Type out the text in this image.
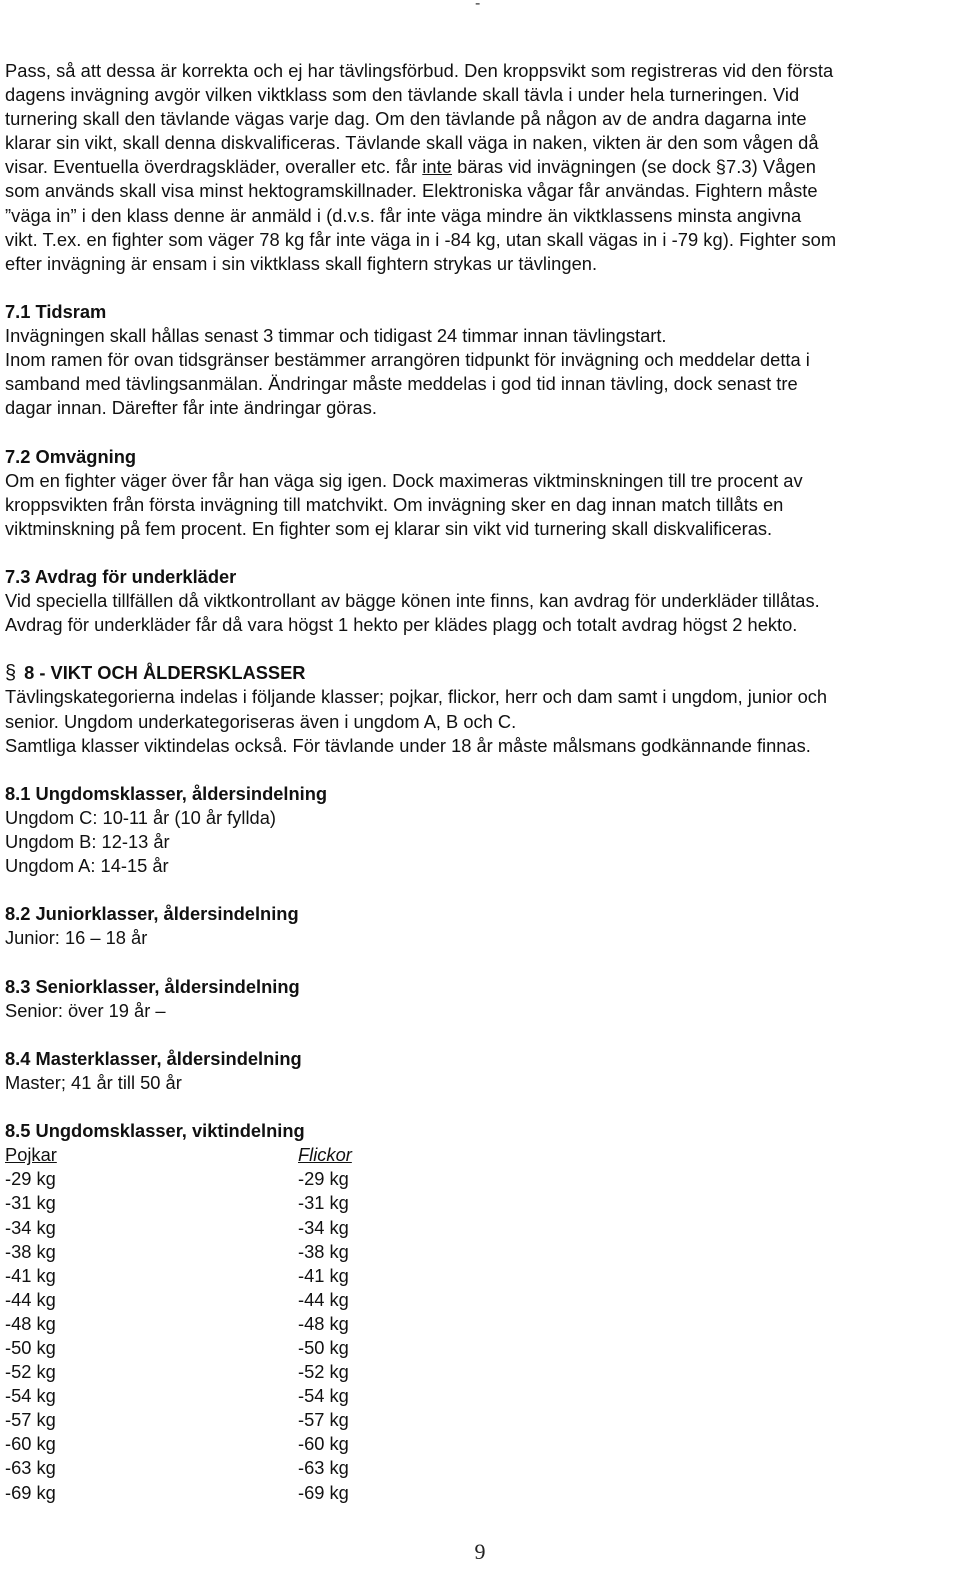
-

Pass, så att dessa är korrekta och ej har tävlingsförbud. Den kroppsvikt som registreras vid den första

dagens invägning avgör vilken viktklass som den tävlande skall tävla i under hela turneringen. Vid

turnering skall den tävlande vägas varje dag. Om den tävlande på någon av de andra dagarna inte

klarar sin vikt, skall denna diskvalificeras. Tävlande skall väga in naken, vikten är den som vågen då

visar. Eventuella överdragskläder, overaller etc. får inte bäras vid invägningen (se dock §7.3) Vågen

som används skall visa minst hektogramskillnader. Elektroniska vågar får användas. Fightern måste

”väga in” i den klass denne är anmäld i (d.v.s. får inte väga mindre än viktklassens minsta angivna

vikt. T.ex. en fighter som väger 78 kg får inte väga in i -84 kg, utan skall vägas in i -79 kg). Fighter som

efter invägning är ensam i sin viktklass skall fightern strykas ur tävlingen.

7.1 Tidsram

Invägningen skall hållas senast 3 timmar och tidigast 24 timmar innan tävlingstart.

Inom ramen för ovan tidsgränser bestämmer arrangören tidpunkt för invägning och meddelar detta i

samband med tävlingsanmälan. Ändringar måste meddelas i god tid innan tävling, dock senast tre

dagar innan. Därefter får inte ändringar göras.

7.2 Omvägning

Om en fighter väger över får han väga sig igen. Dock maximeras viktminskningen till tre procent av

kroppsvikten från första invägning till matchvikt. Om invägning sker en dag innan match tillåts en

viktminskning på fem procent. En fighter som ej klarar sin vikt vid turnering skall diskvalificeras.

7.3 Avdrag för underkläder

Vid speciella tillfällen då viktkontrollant av bägge könen inte finns, kan avdrag för underkläder tillåtas.

Avdrag för underkläder får då vara högst 1 hekto per klädes plagg och totalt avdrag högst 2 hekto.

§ 8 - VIKT OCH ÅLDERSKLASSER

Tävlingskategorierna indelas i följande klasser; pojkar, flickor, herr och dam samt i ungdom, junior och

senior. Ungdom underkategoriseras även i ungdom A, B och C.

Samtliga klasser viktindelas också. För tävlande under 18 år måste målsmans godkännande finnas.

8.1 Ungdomsklasser, åldersindelning

Ungdom C: 10-11 år (10 år fyllda)

Ungdom B: 12-13 år

Ungdom A: 14-15 år

8.2 Juniorklasser, åldersindelning

Junior: 16 – 18 år

8.3 Seniorklasser, åldersindelning

Senior: över 19 år –

8.4 Masterklasser, åldersindelning

Master; 41 år till 50 år

8.5 Ungdomsklasser, viktindelning

Pojkar	Flickor
-29 kg	-29 kg
-31 kg	-31 kg
-34 kg	-34 kg
-38 kg	-38 kg
-41 kg	-41 kg
-44 kg	-44 kg
-48 kg	-48 kg
-50 kg	-50 kg
-52 kg	-52 kg
-54 kg	-54 kg
-57 kg	-57 kg
-60 kg	-60 kg
-63 kg	-63 kg
-69 kg	-69 kg
9
